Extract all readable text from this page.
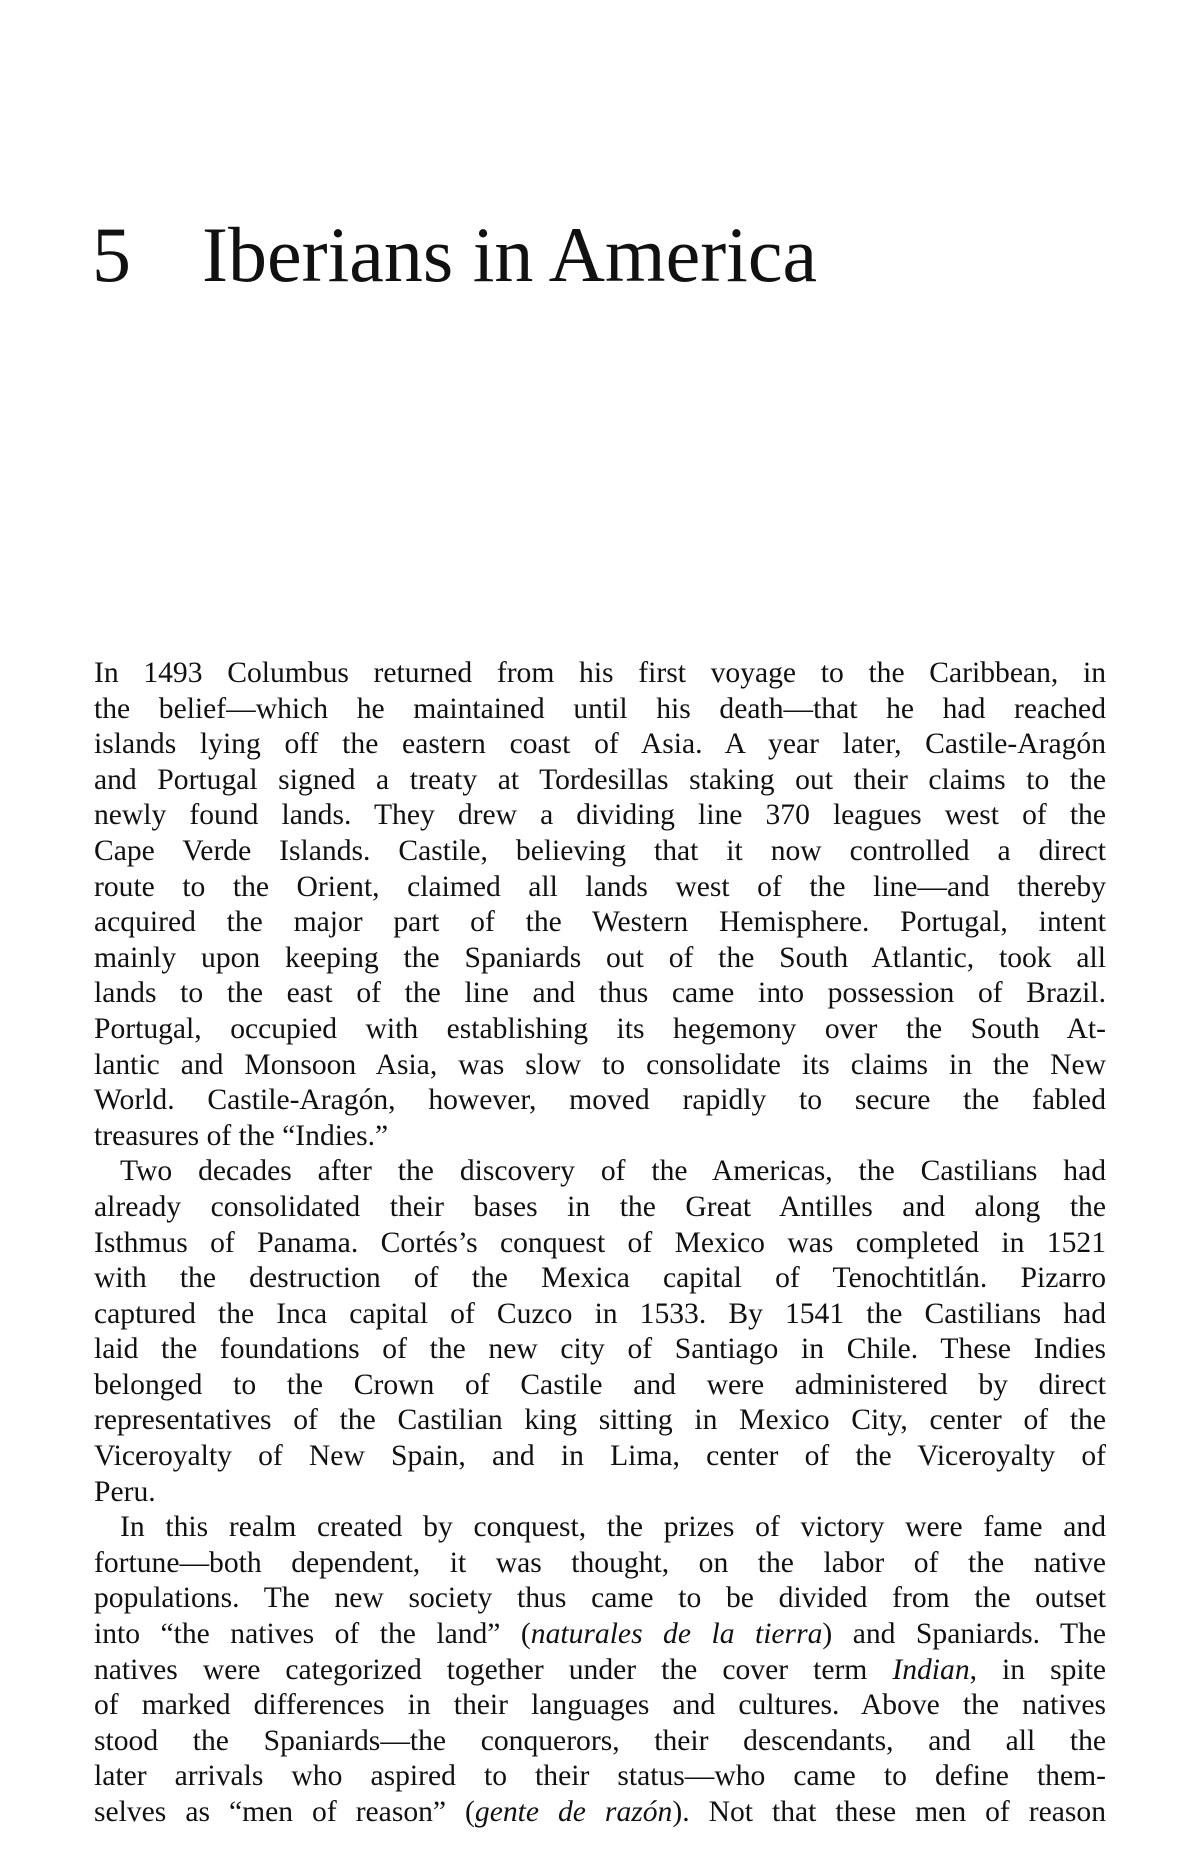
5 Iberians in America
In 1493 Columbus returned from his first voyage to the Caribbean, in
the belief—which he maintained until his death—that he had reached
islands lying off the eastern coast of Asia. A year later, Castile-Aragón
and Portugal signed a treaty at Tordesillas staking out their claims to the
newly found lands. They drew a dividing line 370 leagues west of the
Cape Verde Islands. Castile, believing that it now controlled a direct
route to the Orient, claimed all lands west of the line—and thereby
acquired the major part of the Western Hemisphere. Portugal, intent
mainly upon keeping the Spaniards out of the South Atlantic, took all
lands to the east of the line and thus came into possession of Brazil.
Portugal, occupied with establishing its hegemony over the South At-
lantic and Monsoon Asia, was slow to consolidate its claims in the New
World. Castile-Aragón, however, moved rapidly to secure the fabled
treasures of the “Indies.”
Two decades after the discovery of the Americas, the Castilians had
already consolidated their bases in the Great Antilles and along the
Isthmus of Panama. Cortés’s conquest of Mexico was completed in 1521
with the destruction of the Mexica capital of Tenochtitlán. Pizarro
captured the Inca capital of Cuzco in 1533. By 1541 the Castilians had
laid the foundations of the new city of Santiago in Chile. These Indies
belonged to the Crown of Castile and were administered by direct
representatives of the Castilian king sitting in Mexico City, center of the
Viceroyalty of New Spain, and in Lima, center of the Viceroyalty of
Peru.
In this realm created by conquest, the prizes of victory were fame and
fortune—both dependent, it was thought, on the labor of the native
populations. The new society thus came to be divided from the outset
into “the natives of the land” (naturales de la tierra) and Spaniards. The
natives were categorized together under the cover term Indian, in spite
of marked differences in their languages and cultures. Above the natives
stood the Spaniards—the conquerors, their descendants, and all the
later arrivals who aspired to their status—who came to define them-
selves as “men of reason” (gente de razón). Not that these men of reason
